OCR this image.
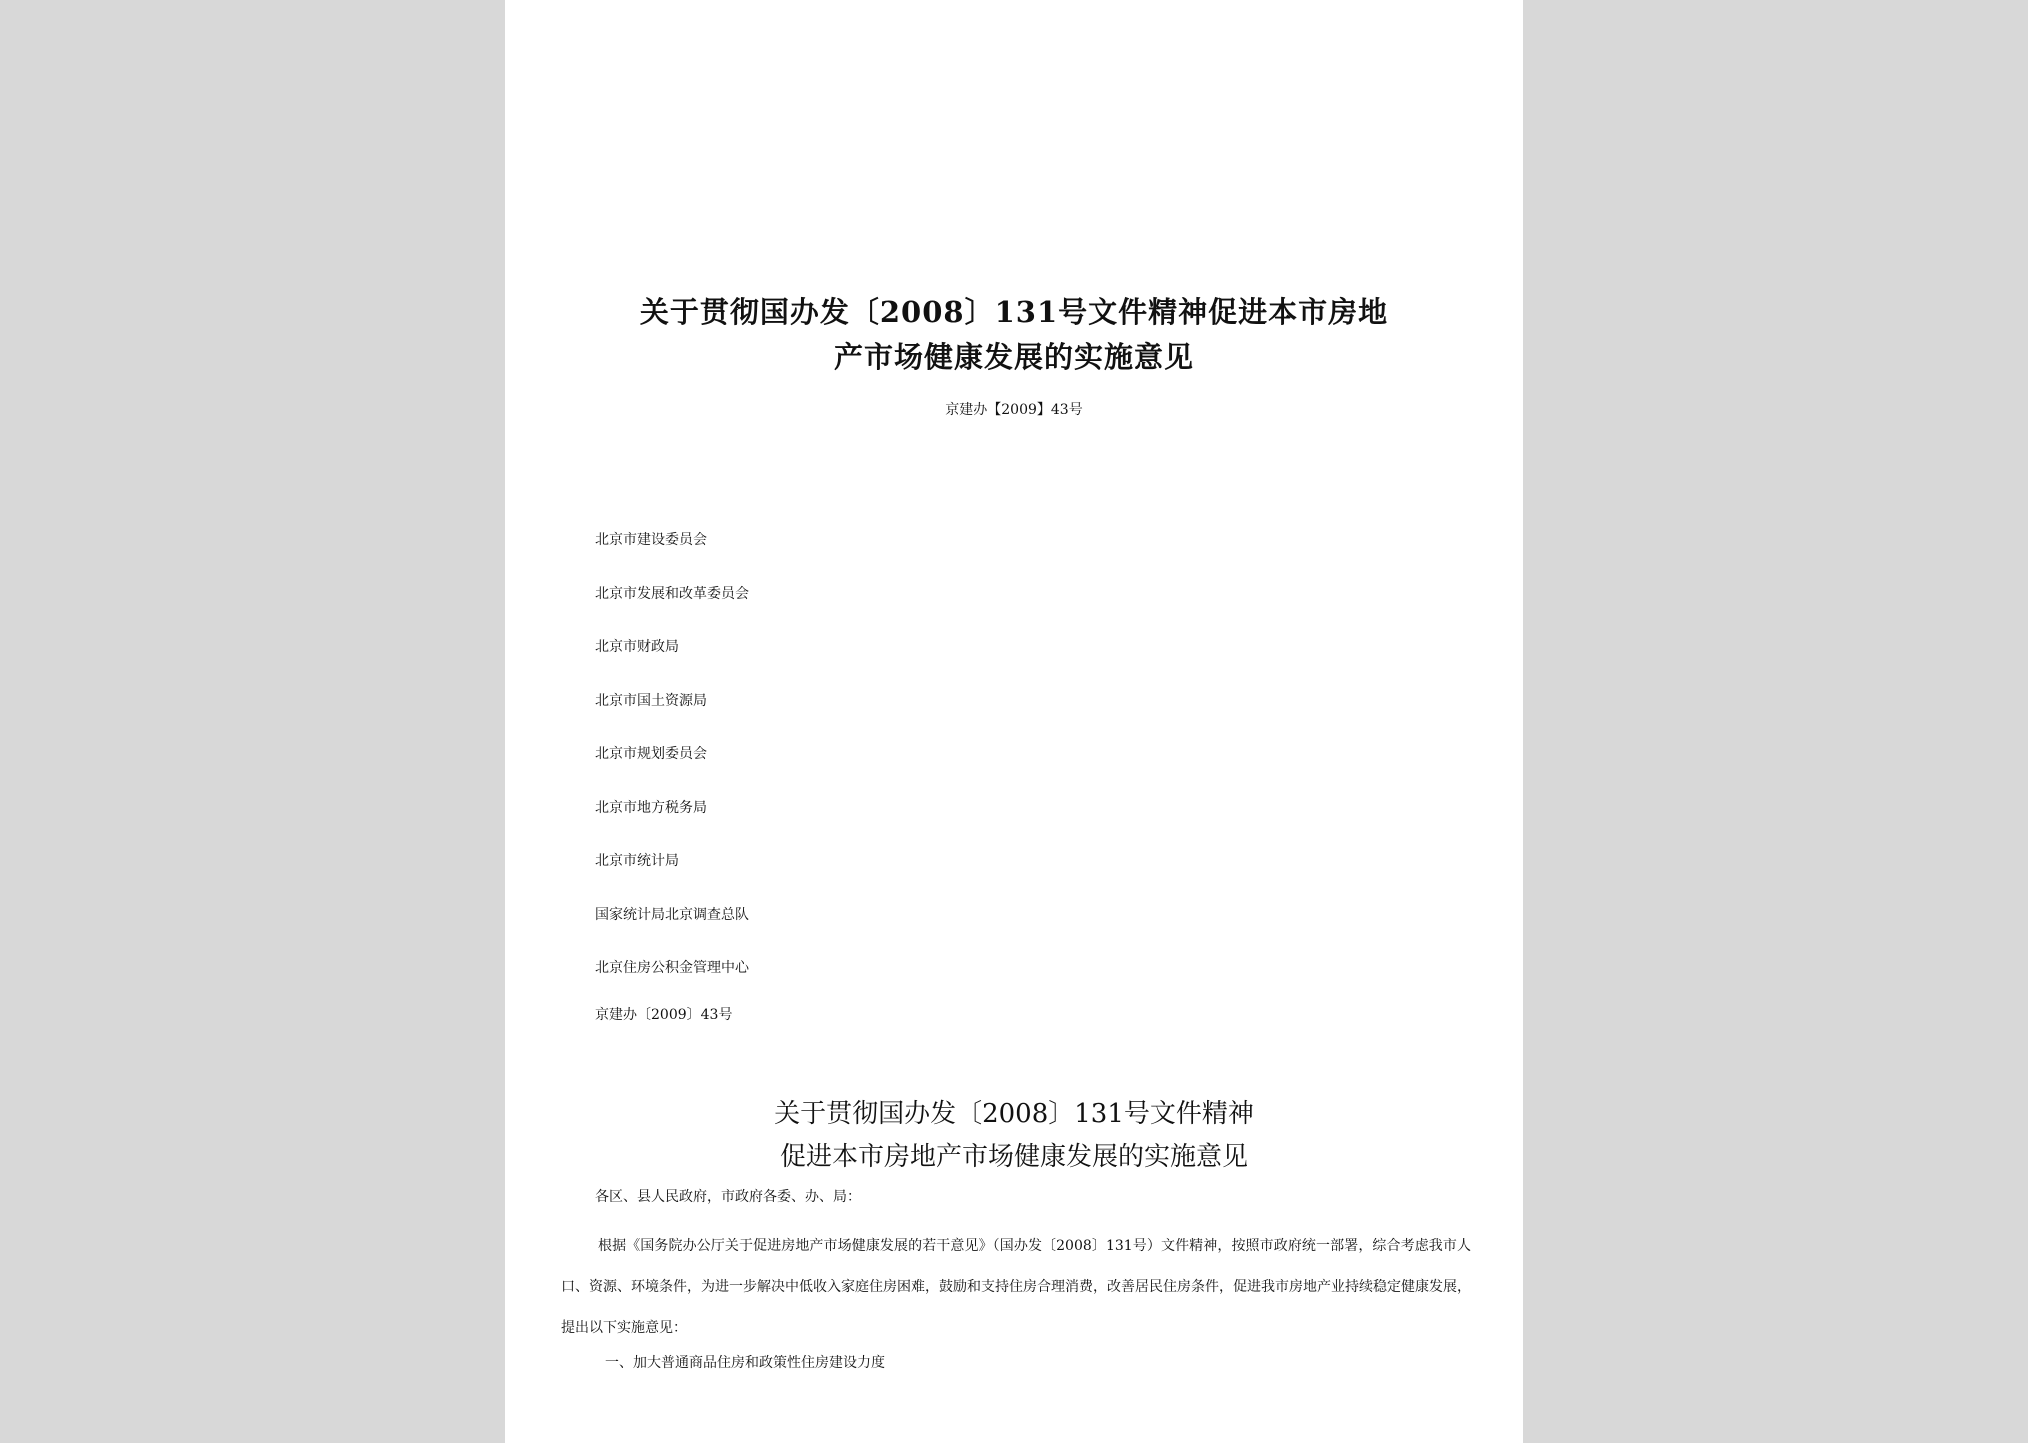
关于贯彻国办发〔2008〕131号文件精神促进本市房地
产市场健康发展的实施意见
京建办【2009】43号
北京市建设委员会
北京市发展和改革委员会
北京市财政局
北京市国土资源局
北京市规划委员会
北京市地方税务局
北京市统计局
国家统计局北京调查总队
北京住房公积金管理中心
京建办〔2009〕43号
关于贯彻国办发〔2008〕131号文件精神
促进本市房地产市场健康发展的实施意见
各区、县人民政府，市政府各委、办、局：

根据《国务院办公厅关于促进房地产市场健康发展的若干意见》（国办发〔2008〕131号）文件精神，按照市政府统一部署，综合考虑我市人口、资源、环境条件，为进一步解决中低收入家庭住房困难，鼓励和支持住房合理消费，改善居民住房条件，促进我市房地产业持续稳定健康发展，提出以下实施意见：

一、加大普通商品住房和政策性住房建设力度
